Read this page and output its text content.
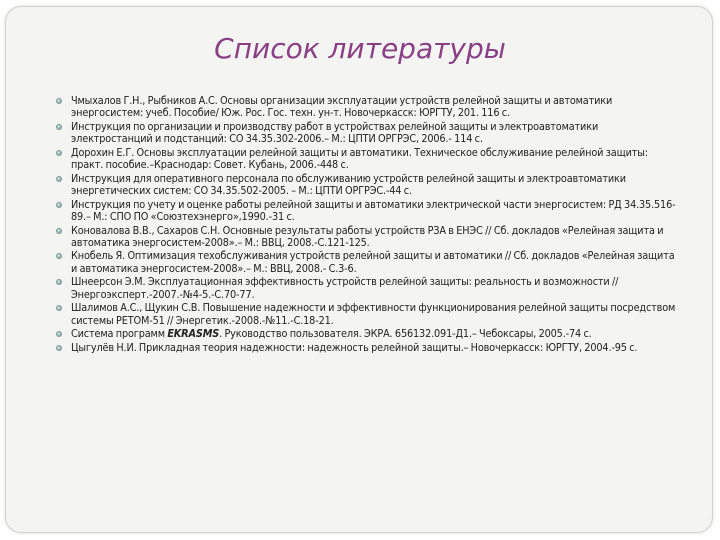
Список литературы
Чмыхалов Г.Н., Рыбников А.С. Основы организации эксплуатации устройств релейной защиты и автоматики энергосистем: учеб. Пособие/ Юж. Рос. Гос. техн. ун-т. Новочеркасск: ЮРГТУ, 201. 116 с.
Инструкция по организации и производству работ в устройствах релейной защиты и электроавтоматики электростанций и подстанций: СО 34.35.302-2006.– М.: ЦПТИ ОРГРЭС, 2006.- 114 с.
Дорохин Е.Г. Основы эксплуатации релейной защиты и автоматики. Техническое обслуживание релейной защиты: практ. пособие.–Краснодар: Совет. Кубань, 2006.-448 с.
Инструкция для оперативного персонала по обслуживанию устройств релейной защиты и электроавтоматики энергетических систем: СО 34.35.502-2005. – М.: ЦПТИ ОРГРЭС.-44 с.
Инструкция по учету и оценке работы релейной защиты и автоматики электрической части энергосистем: РД 34.35.516-89.– М.: СПО ПО «Союзтехэнерго»,1990.-31 с.
Коновалова В.В., Сахаров С.Н. Основные результаты работы устройств РЗА в ЕНЭС // Сб. докладов «Релейная защита и автоматика энергосистем-2008».– М.: ВВЦ, 2008.-С.121-125.
Кнобель Я. Оптимизация техобслуживания устройств релейной защиты и автоматики // Сб. докладов «Релейная защита и автоматика энергосистем-2008».– М.: ВВЦ, 2008.- С.3-6.
Шнеерсон Э.М. Эксплуатационная эффективность устройств релейной защиты: реальность и возможности // Энергоэксперт.-2007.-№4-5.-С.70-77.
Шалимов А.С., Щукин С.В. Повышение надежности и эффективности функционирования релейной защиты посредством системы РЕТОМ-51 // Энергетик.-2008.-№11.-С.18-21.
Система программ EKRASMS. Руководство пользователя. ЭКРА. 656132.091-Д1.– Чебоксары, 2005.-74 с.
Цыгулёв Н.И. Прикладная теория надежности: надежность релейной защиты.– Новочеркасск: ЮРГТУ, 2004.-95 с.
